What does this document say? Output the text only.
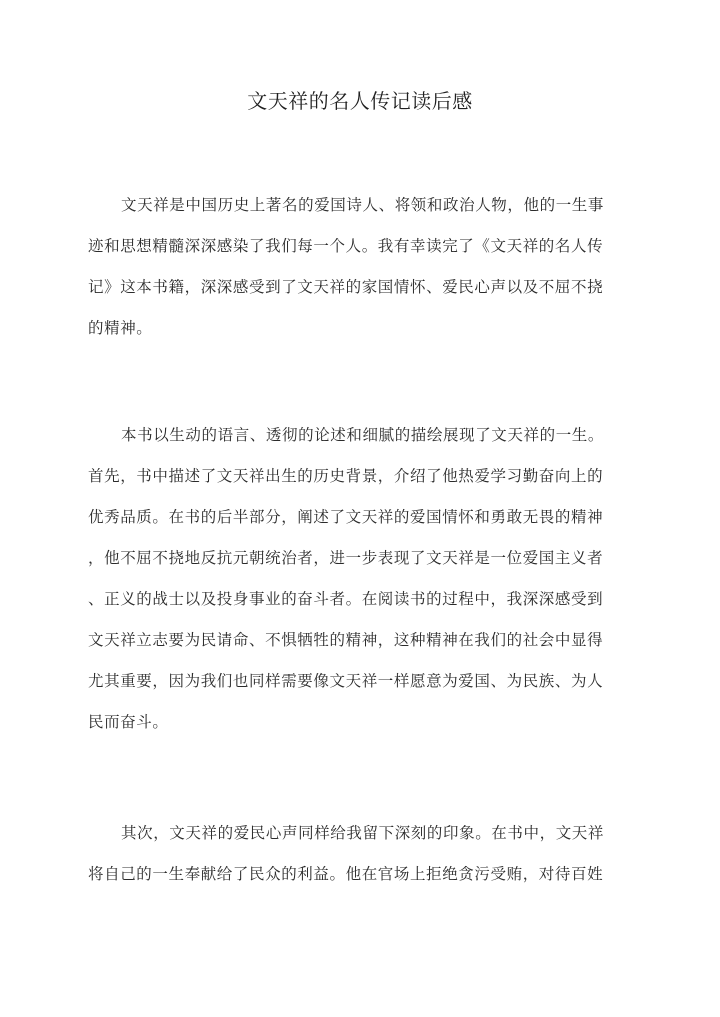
文天祥的名人传记读后感
文天祥是中国历史上著名的爱国诗人、将领和政治人物，他的一生事
迹和思想精髓深深感染了我们每一个人。我有幸读完了《文天祥的名人传
记》这本书籍，深深感受到了文天祥的家国情怀、爱民心声以及不屈不挠
的精神。
本书以生动的语言、透彻的论述和细腻的描绘展现了文天祥的一生。
首先，书中描述了文天祥出生的历史背景，介绍了他热爱学习勤奋向上的
优秀品质。在书的后半部分，阐述了文天祥的爱国情怀和勇敢无畏的精神
，他不屈不挠地反抗元朝统治者，进一步表现了文天祥是一位爱国主义者
、正义的战士以及投身事业的奋斗者。在阅读书的过程中，我深深感受到
文天祥立志要为民请命、不惧牺牲的精神，这种精神在我们的社会中显得
尤其重要，因为我们也同样需要像文天祥一样愿意为爱国、为民族、为人
民而奋斗。
其次，文天祥的爱民心声同样给我留下深刻的印象。在书中，文天祥
将自己的一生奉献给了民众的利益。他在官场上拒绝贪污受贿，对待百姓
